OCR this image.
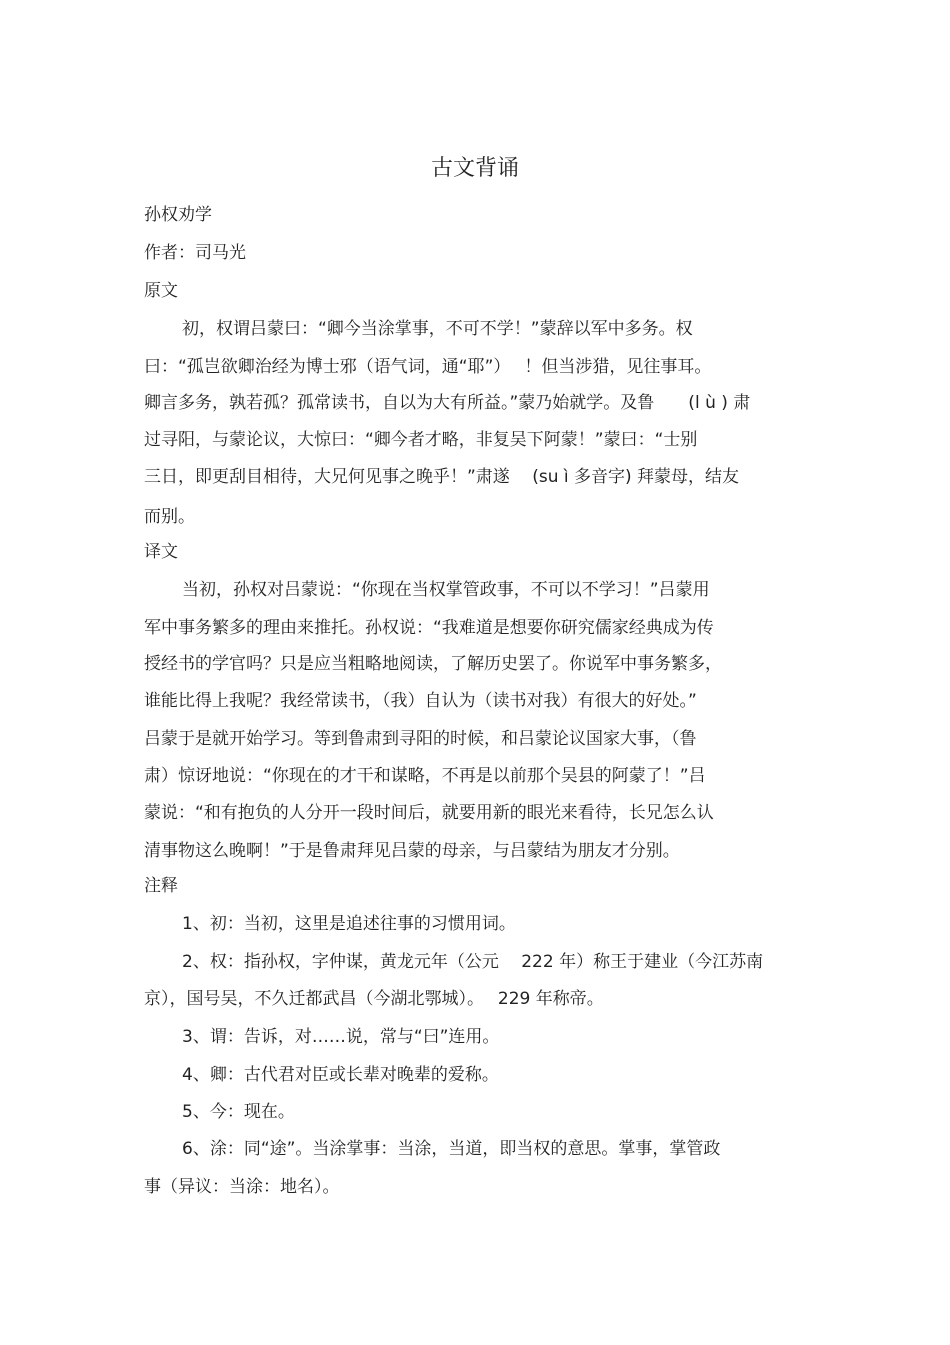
古文背诵
孙权劝学
作者：司马光
原文
初，权谓吕蒙曰：“卿今当涂掌事，不可不学！”蒙辞以军中多务。权
曰：“孤岂欲卿治经为博士邪（语气词，通“耶”）　 ！但当涉猎，见往事耳。
卿言多务，孰若孤？孤常读书，自以为大有所益。”蒙乃始就学。及鲁　　(l ù ) 肃
过寻阳，与蒙论议，大惊曰：“卿今者才略，非复吴下阿蒙！”蒙曰：“士别
三日，即更刮目相待，大兄何见事之晚乎！”肃遂　 (su ì 多音字) 拜蒙母，结友
而别。
译文
当初，孙权对吕蒙说：“你现在当权掌管政事，不可以不学习！”吕蒙用
军中事务繁多的理由来推托。孙权说：“我难道是想要你研究儒家经典成为传
授经书的学官吗？只是应当粗略地阅读，了解历史罢了。你说军中事务繁多，
谁能比得上我呢？我经常读书，（我）自认为（读书对我）有很大的好处。”
吕蒙于是就开始学习。等到鲁肃到寻阳的时候，和吕蒙论议国家大事，（鲁
肃）惊讶地说：“你现在的才干和谋略，不再是以前那个吴县的阿蒙了！”吕
蒙说：“和有抱负的人分开一段时间后，就要用新的眼光来看待，长兄怎么认
清事物这么晚啊！”于是鲁肃拜见吕蒙的母亲，与吕蒙结为朋友才分别。
注释
1、初：当初，这里是追述往事的习惯用词。
2、权：指孙权，字仲谋，黄龙元年（公元　 222 年）称王于建业（今江苏南
京），国号吴，不久迁都武昌（今湖北鄂城）。　 229 年称帝。
3、谓：告诉，对……说，常与“曰”连用。
4、卿：古代君对臣或长辈对晚辈的爱称。
5、今：现在。
6、涂：同“途”。当涂掌事：当涂，当道，即当权的意思。掌事，掌管政
事（异议：当涂：地名）。
